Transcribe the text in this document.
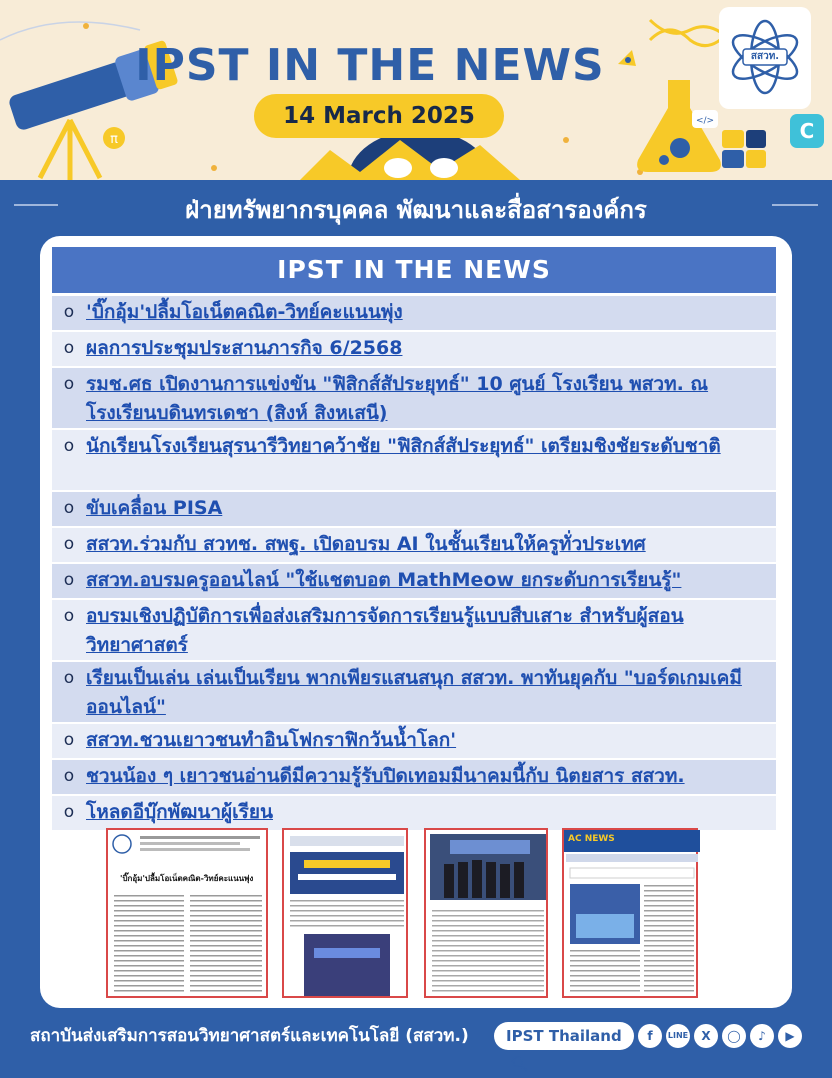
π
</>	C
IPST IN THE NEWS
14 March 2025
สสวท.
ฝ่ายทรัพยากรบุคคล พัฒนาและสื่อสารองค์กร
IPST IN THE NEWS
o 'บิ๊กอุ้ม'ปลื้มโอเน็ตคณิต-วิทย์คะแนนพุ่ง
o ผลการประชุมประสานภารกิจ 6/2568
o รมช.ศธ เปิดงานการแข่งขัน "ฟิสิกส์สัประยุทธ์" 10 ศูนย์ โรงเรียน พสวท. ณ โรงเรียนบดินทรเดชา (สิงห์ สิงหเสนี)
o นักเรียนโรงเรียนสุรนารีวิทยาคว้าชัย "ฟิสิกส์สัประยุทธ์" เตรียมชิงชัยระดับชาติ
o ขับเคลื่อน PISA
o สสวท.ร่วมกับ สวทช. สพฐ. เปิดอบรม AI ในชั้นเรียนให้ครูทั่วประเทศ
o สสวท.อบรมครูออนไลน์ "ใช้แชตบอต MathMeow ยกระดับการเรียนรู้"
o อบรมเชิงปฏิบัติการเพื่อส่งเสริมการจัดการเรียนรู้แบบสืบเสาะ สำหรับผู้สอนวิทยาศาสตร์
o เรียนเป็นเล่น เล่นเป็นเรียน พากเพียรแสนสนุก สสวท. พาทันยุคกับ "บอร์ดเกมเคมีออนไลน์"
o สสวท.ชวนเยาวชนทำอินโฟกราฟิกวันน้ำโลก'
o ชวนน้อง ๆ เยาวชนอ่านดีมีความรู้รับปิดเทอมมีนาคมนี้กับ นิตยสาร สสวท.
o โหลดอีบุ๊กพัฒนาผู้เรียน
'บิ๊กอุ้ม'ปลื้มโอเน็ตคณิต-วิทย์คะแนนพุ่ง
AC NEWS
สถาบันส่งเสริมการสอนวิทยาศาสตร์และเทคโนโลยี (สสวท.)	IPST Thailand 🔍︎
f	LINE	X	◯	♪	▶
